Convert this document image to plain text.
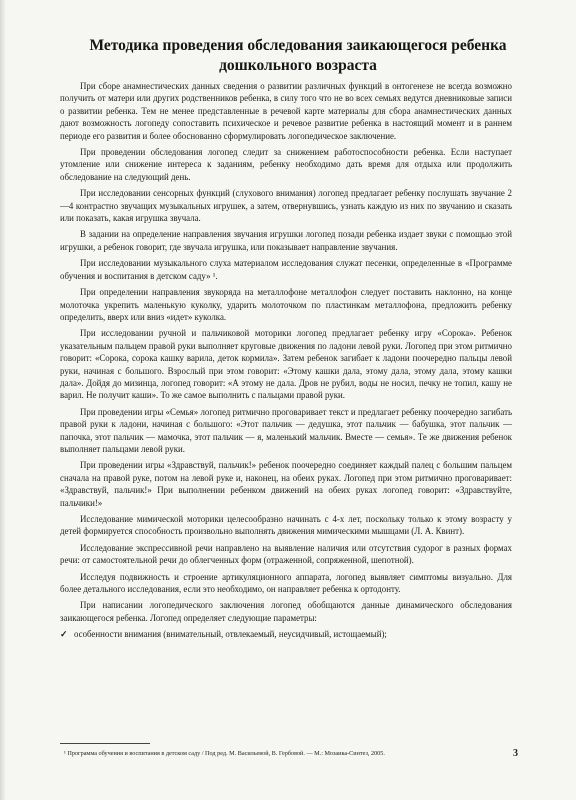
Методика проведения обследования заикающегося ребенка дошкольного возраста

При сборе анамнестических данных сведения о развитии различных функций в онтогенезе не всегда возможно получить от матери или других родственников ребенка, в силу того что не во всех семьях ведутся дневниковые записи о развитии ребенка. Тем не менее представленные в речевой карте материалы для сбора анамнестических данных дают возможность логопеду сопоставить психическое и речевое развитие ребенка в настоящий момент и в раннем периоде его развития и более обоснованно сформулировать логопедическое заключение.

При проведении обследования логопед следит за снижением работоспособности ребенка. Если наступает утомление или снижение интереса к заданиям, ребенку необходимо дать время для отдыха или продолжить обследование на следующий день.

При исследовании сенсорных функций (слухового внимания) логопед предлагает ребенку послушать звучание 2—4 контрастно звучащих музыкальных игрушек, а затем, отвернувшись, узнать каждую из них по звучанию и сказать или показать, какая игрушка звучала.

В задании на определение направления звучания игрушки логопед позади ребенка издает звуки с помощью этой игрушки, а ребенок говорит, где звучала игрушка, или показывает направление звучания.

При исследовании музыкального слуха материалом исследования служат песенки, определенные в «Программе обучения и воспитания в детском саду» ¹.

При определении направления звукоряда на металлофоне металлофон следует поставить наклонно, на конце молоточка укрепить маленькую куколку, ударить молоточком по пластинкам металлофона, предложить ребенку определить, вверх или вниз «идет» куколка.

При исследовании ручной и пальчиковой моторики логопед предлагает ребенку игру «Сорока». Ребенок указательным пальцем правой руки выполняет круговые движения по ладони левой руки. Логопед при этом ритмично говорит: «Сорока, сорока кашку варила, деток кормила». Затем ребенок загибает к ладони поочередно пальцы левой руки, начиная с большого. Взрослый при этом говорит: «Этому кашки дала, этому дала, этому дала, этому кашки дала». Дойдя до мизинца, логопед говорит: «А этому не дала. Дров не рубил, воды не носил, печку не топил, кашу не варил. Не получит каши». То же самое выполнить с пальцами правой руки.

При проведении игры «Семья» логопед ритмично проговаривает текст и предлагает ребенку поочередно загибать правой руки к ладони, начиная с большого: «Этот пальчик — дедушка, этот пальчик — бабушка, этот пальчик — папочка, этот пальчик — мамочка, этот пальчик — я, маленький мальчик. Вместе — семья». Те же движения ребенок выполняет пальцами левой руки.

При проведении игры «Здравствуй, пальчик!» ребенок поочередно соединяет каждый палец с большим пальцем сначала на правой руке, потом на левой руке и, наконец, на обеих руках. Логопед при этом ритмично проговаривает: «Здравствуй, пальчик!» При выполнении ребенком движений на обеих руках логопед говорит: «Здравствуйте, пальчики!»

Исследование мимической моторики целесообразно начинать с 4-х лет, поскольку только к этому возрасту у детей формируется способность произвольно выполнять движения мимическими мышцами (Л. А. Квинт).

Исследование экспрессивной речи направлено на выявление наличия или отсутствия судорог в разных формах речи: от самостоятельной речи до облегченных форм (отраженной, сопряженной, шепотной).

Исследуя подвижность и строение артикуляционного аппарата, логопед выявляет симптомы визуально. Для более детального исследования, если это необходимо, он направляет ребенка к ортодонту.

При написании логопедического заключения логопед обобщаются данные динамического обследования заикающегося ребенка. Логопед определяет следующие параметры:

✓ особенности внимания (внимательный, отвлекаемый, неусидчивый, истощаемый);

¹ Программа обучения и воспитания в детском саду / Под ред. М. Васильевой, В. Гербовой. — М.: Мозаика-Синтез, 2005.	3
